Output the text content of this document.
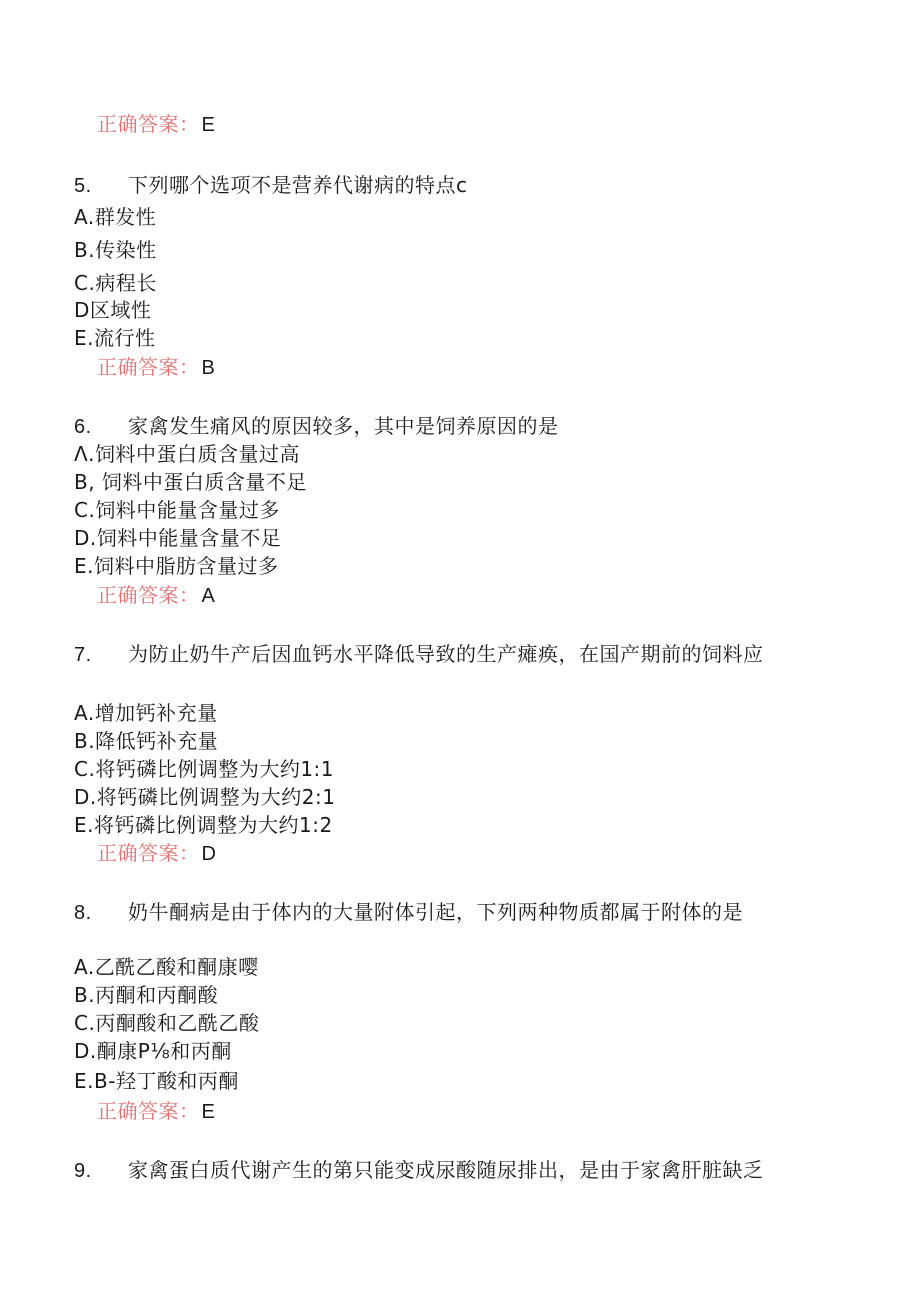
正确答案： E
5. 下列哪个选项不是营养代谢病的特点c
A.群发性
B.传染性
C.病程长
D区域性
E.流行性
正确答案： B
6. 家禽发生痛风的原因较多，其中是饲养原因的是
Λ.饲料中蛋白质含量过高
B, 饲料中蛋白质含量不足
C.饲料中能量含量过多
D.饲料中能量含量不足
E.饲料中脂肪含量过多
正确答案： A
7. 为防止奶牛产后因血钙水平降低导致的生产瘫痪，在国产期前的饲料应
A.增加钙补充量
B.降低钙补充量
C.将钙磷比例调整为大约1:1
D.将钙磷比例调整为大约2:1
E.将钙磷比例调整为大约1:2
正确答案： D
8. 奶牛酮病是由于体内的大量附体引起，下列两种物质都属于附体的是
A.乙酰乙酸和酮康嘤
B.丙酮和丙酮酸
C.丙酮酸和乙酰乙酸
D.酮康P⅛和丙酮
E.B-羟丁酸和丙酮
正确答案： E
9. 家禽蛋白质代谢产生的第只能变成尿酸随尿排出，是由于家禽肝脏缺乏
